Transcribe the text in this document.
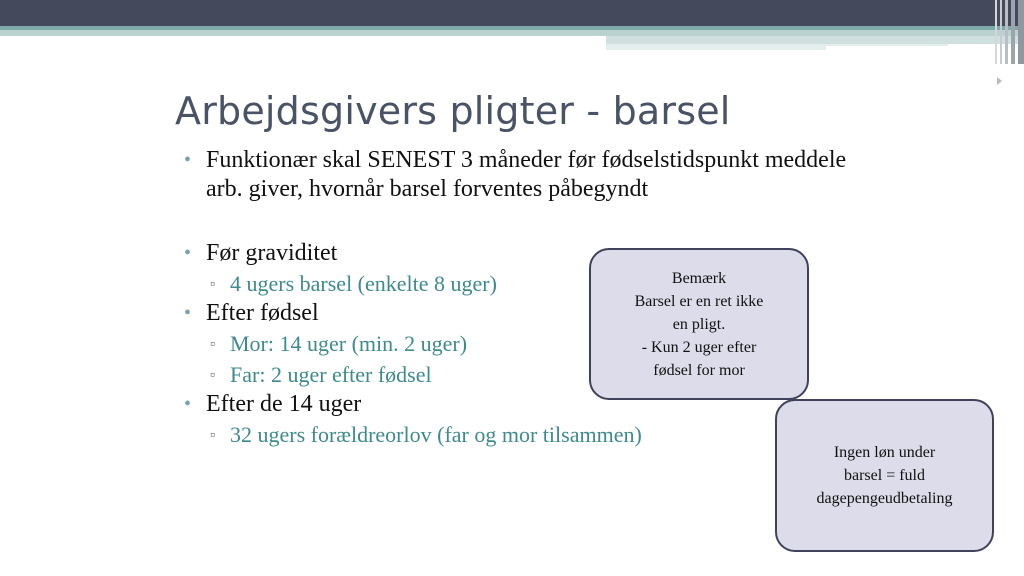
Arbejdsgivers pligter - barsel
• Funktionær skal SENEST 3 måneder før fødselstidspunkt meddele arb. giver, hvornår barsel forventes påbegyndt
• Før graviditet
▫ 4 ugers barsel (enkelte 8 uger)
• Efter fødsel
▫ Mor: 14 uger (min. 2 uger)
▫ Far: 2 uger efter fødsel
• Efter de 14 uger
▫ 32 ugers forældreorlov (far og mor tilsammen)
Bemærk
Barsel er en ret ikke
en pligt.
- Kun 2 uger efter
fødsel for mor
Ingen løn under
barsel = fuld
dagepengeudbetaling
